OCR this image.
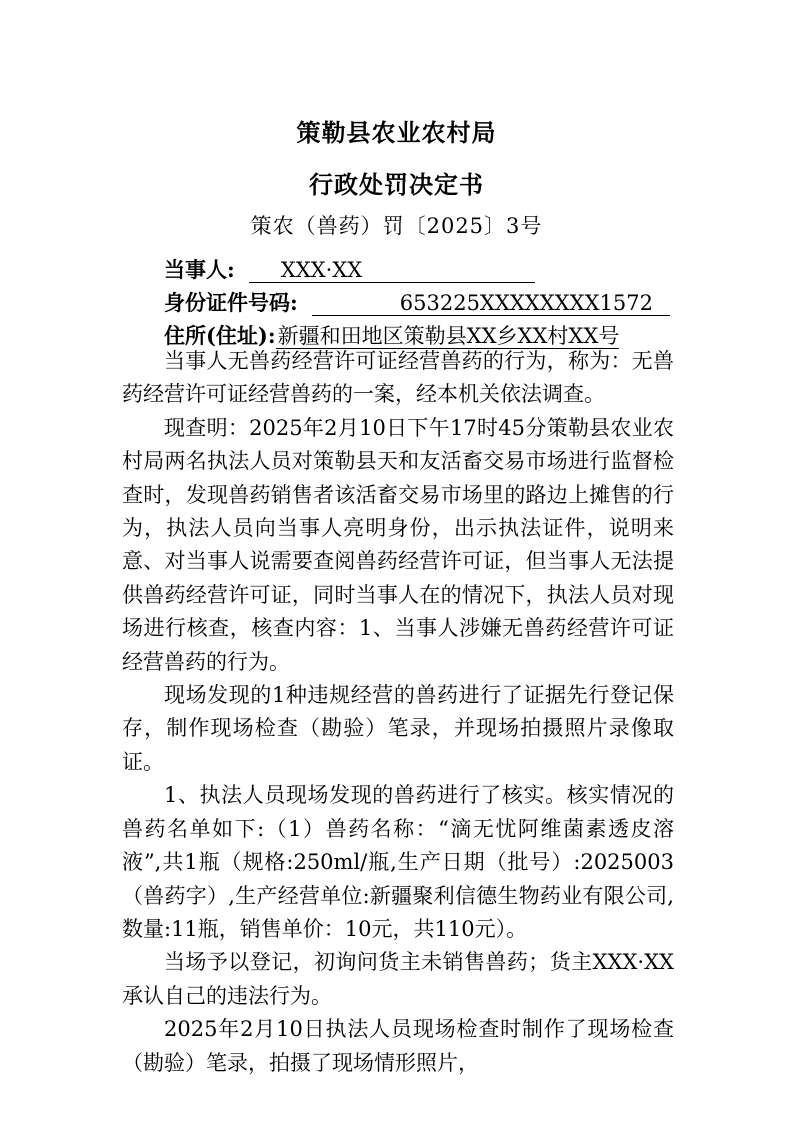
策勒县农业农村局
行政处罚决定书
策农（兽药）罚〔2025〕3号
当事人: XXX·XX
身份证件号码:	653225XXXXXXXX1572
住所(住址):新疆和田地区策勒县XX乡XX村XX号

当事人无兽药经营许可证经营兽药的行为，称为：无兽药经营许可证经营兽药的一案，经本机关依法调查。

现查明：2025年2月10日下午17时45分策勒县农业农村局两名执法人员对策勒县天和友活畜交易市场进行监督检查时，发现兽药销售者该活畜交易市场里的路边上摊售的行为，执法人员向当事人亮明身份，出示执法证件，说明来意、对当事人说需要查阅兽药经营许可证，但当事人无法提供兽药经营许可证，同时当事人在的情况下，执法人员对现场进行核查，核查内容：1、当事人涉嫌无兽药经营许可证经营兽药的行为。

现场发现的1种违规经营的兽药进行了证据先行登记保存，制作现场检查（勘验）笔录，并现场拍摄照片录像取证。

1、执法人员现场发现的兽药进行了核实。核实情况的兽药名单如下:（1）兽药名称：“滴无忧阿维菌素透皮溶液”,共1瓶（规格:250ml/瓶,生产日期（批号）:2025003（兽药字）,生产经营单位:新疆聚利信德生物药业有限公司,数量:11瓶，销售单价：10元，共110元）。

当场予以登记，初询问货主未销售兽药；货主XXX·XX承认自己的违法行为。

2025年2月10日执法人员现场检查时制作了现场检查（勘验）笔录，拍摄了现场情形照片，
